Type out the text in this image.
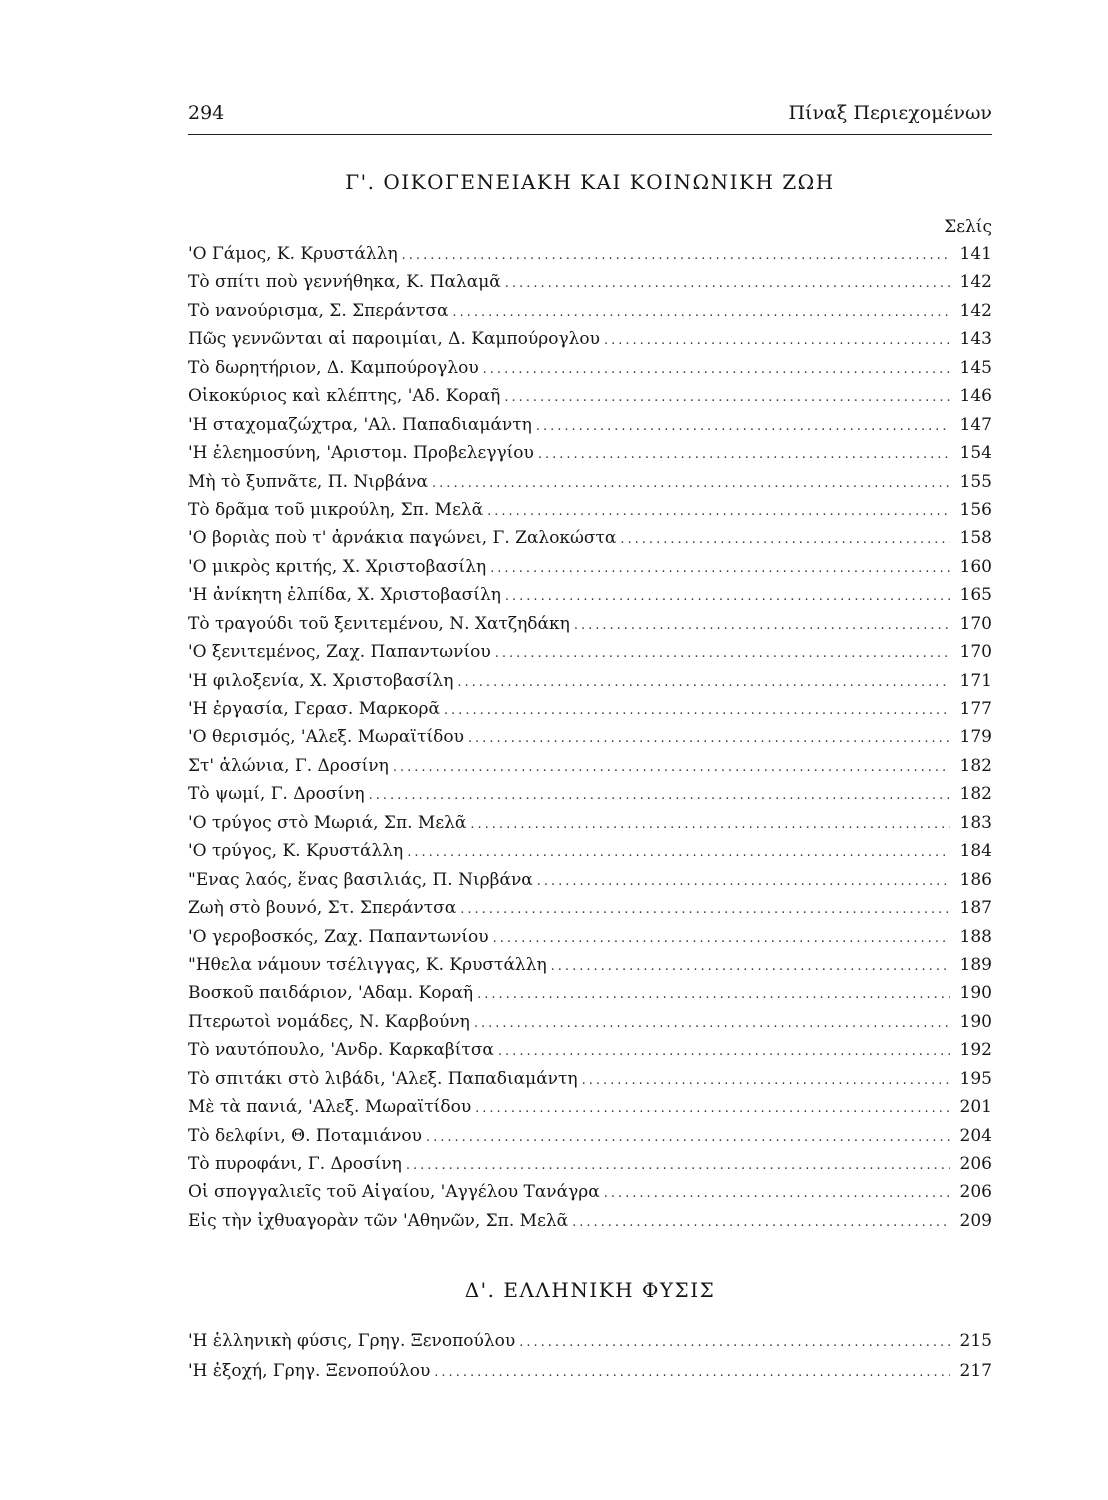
294	Πίναξ Περιεχομένων
Γ'. ΟΙΚΟΓΕΝΕΙΑΚΗ ΚΑΙ ΚΟΙΝΩΝΙΚΗ ΖΩΗ
Σελίς
'Ο Γάμος, Κ. Κρυστάλλη .....	141
Τὸ σπίτι ποὺ γεννήθηκα, Κ. Παλαμᾶ .....	142
Τὸ νανούρισμα, Σ. Σπεράντσα .....	142
Πῶς γεννῶνται αἱ παροιμίαι, Δ. Καμπούρογλου .....	143
Τὸ δωρητήριον, Δ. Καμπούρογλου .....	145
Οἰκοκύριος καὶ κλέπτης, 'Αδ. Κοραῆ .....	146
'Η σταχομαζώχτρα, 'Αλ. Παπαδιαμάντη .....	147
'Η ἐλεημοσύνη, 'Αριστομ. Προβελεγγίου .....	154
Μὴ τὸ ξυπνᾶτε, Π. Νιρβάνα .....	155
Τὸ δρᾶμα τοῦ μικρούλη, Σπ. Μελᾶ .....	156
'Ο βοριὰς ποὺ τ' ἀρνάκια παγώνει, Γ. Ζαλοκώστα .....	158
'Ο μικρὸς κριτής, Χ. Χριστοβασίλη .....	160
'Η ἀνίκητη ἐλπίδα, Χ. Χριστοβασίλη .....	165
Τὸ τραγούδι τοῦ ξενιτεμένου, Ν. Χατζηδάκη .....	170
'Ο ξενιτεμένος, Ζαχ. Παπαντωνίου .....	170
'Η φιλοξενία, Χ. Χριστοβασίλη .....	171
'Η ἐργασία, Γερασ. Μαρκορᾶ .....	177
'Ο θερισμός, 'Αλεξ. Μωραϊτίδου .....	179
Στ' ἁλώνια, Γ. Δροσίνη .....	182
Τὸ ψωμί, Γ. Δροσίνη .....	182
'Ο τρύγος στὸ Μωριά, Σπ. Μελᾶ .....	183
'Ο τρύγος, Κ. Κρυστάλλη .....	184
"Ενας λαός, ἕνας βασιλιάς, Π. Νιρβάνα .....	186
Ζωὴ στὸ βουνό, Στ. Σπεράντσα .....	187
'Ο γεροβοσκός, Ζαχ. Παπαντωνίου .....	188
"Ηθελα νάμουν τσέλιγγας, Κ. Κρυστάλλη .....	189
Βοσκοῦ παιδάριον, 'Αδαμ. Κοραῆ .....	190
Πτερωτοὶ νομάδες, Ν. Καρβούνη .....	190
Τὸ ναυτόπουλο, 'Ανδρ. Καρκαβίτσα .....	192
Τὸ σπιτάκι στὸ λιβάδι, 'Αλεξ. Παπαδιαμάντη .....	195
Μὲ τὰ πανιά, 'Αλεξ. Μωραϊτίδου .....	201
Τὸ δελφίνι, Θ. Ποταμιάνου .....	204
Τὸ πυροφάνι, Γ. Δροσίνη .....	206
Οἱ σπογγαλιεῖς τοῦ Αἰγαίου, 'Αγγέλου Τανάγρα .....	206
Εἰς τὴν ἰχθυαγορὰν τῶν 'Αθηνῶν, Σπ. Μελᾶ .....	209
Δ'. ΕΛΛΗΝΙΚΗ ΦΥΣΙΣ
'Η ἑλληνικὴ φύσις, Γρηγ. Ξενοπούλου .....	215
'Η ἐξοχή, Γρηγ. Ξενοπούλου .....	217
